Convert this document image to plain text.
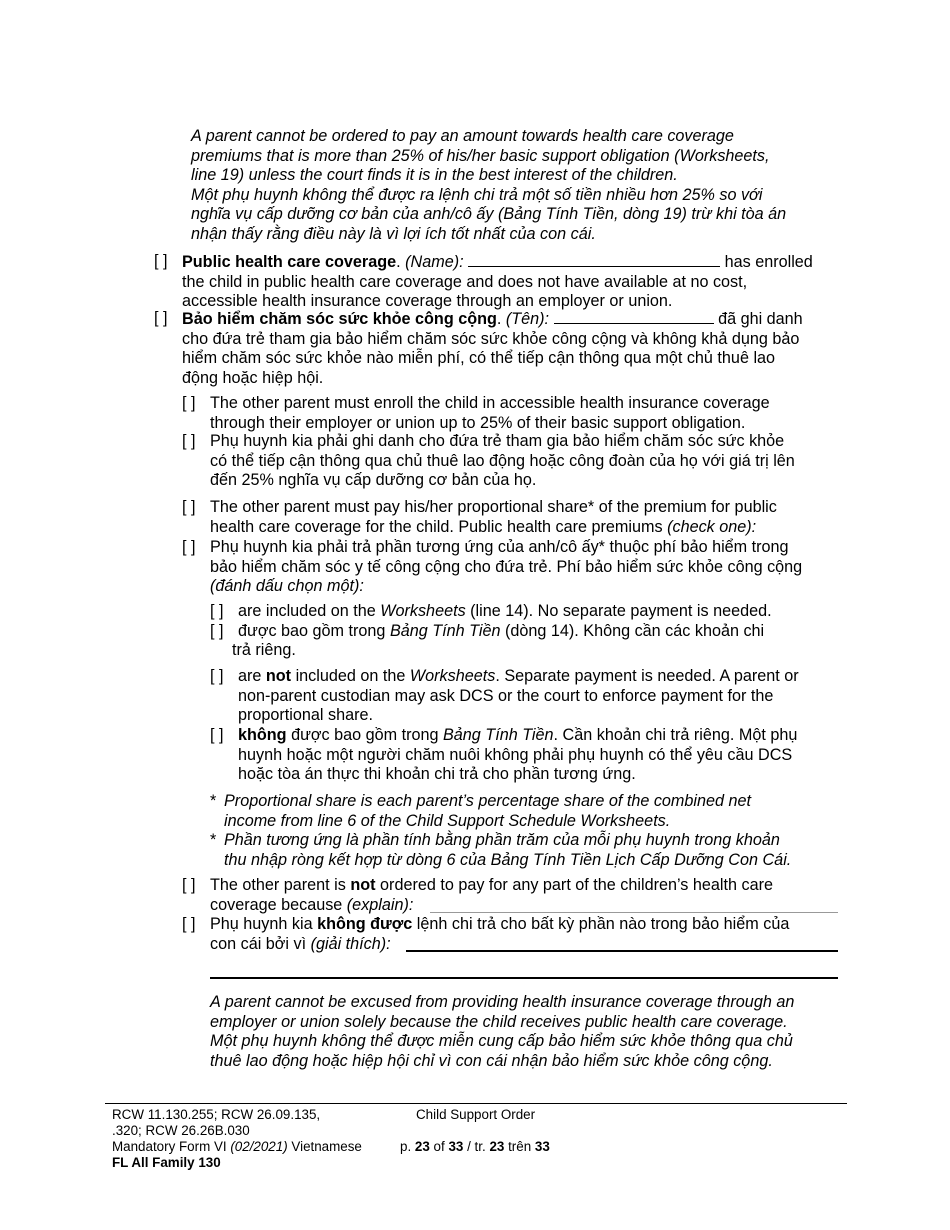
A parent cannot be ordered to pay an amount towards health care coverage
premiums that is more than 25% of his/her basic support obligation (Worksheets,
line 19) unless the court finds it is in the best interest of the children.
Một phụ huynh không thể được ra lệnh chi trả một số tiền nhiều hơn 25% so với
nghĩa vụ cấp dưỡng cơ bản của anh/cô ấy (Bảng Tính Tiền, dòng 19) trừ khi tòa án
nhận thấy rằng điều này là vì lợi ích tốt nhất của con cái.
[ ] Public health care coverage. (Name):	has enrolled
the child in public health care coverage and does not have available at no cost,
accessible health insurance coverage through an employer or union.
[ ] Bảo hiểm chăm sóc sức khỏe công cộng. (Tên):	đã ghi danh
cho đứa trẻ tham gia bảo hiểm chăm sóc sức khỏe công cộng và không khả dụng bảo
hiểm chăm sóc sức khỏe nào miễn phí, có thể tiếp cận thông qua một chủ thuê lao
động hoặc hiệp hội.
[ ] The other parent must enroll the child in accessible health insurance coverage
through their employer or union up to 25% of their basic support obligation.
[ ] Phụ huynh kia phải ghi danh cho đứa trẻ tham gia bảo hiểm chăm sóc sức khỏe
có thể tiếp cận thông qua chủ thuê lao động hoặc công đoàn của họ với giá trị lên
đến 25% nghĩa vụ cấp dưỡng cơ bản của họ.
[ ] The other parent must pay his/her proportional share* of the premium for public
health care coverage for the child. Public health care premiums (check one):
[ ] Phụ huynh kia phải trả phần tương ứng của anh/cô ấy* thuộc phí bảo hiểm trong
bảo hiểm chăm sóc y tế công cộng cho đứa trẻ. Phí bảo hiểm sức khỏe công cộng
(đánh dấu chọn một):
[ ] are included on the Worksheets (line 14). No separate payment is needed.
[ ] được bao gồm trong Bảng Tính Tiền (dòng 14). Không cần các khoản chi
trả riêng.
[ ] are not included on the Worksheets. Separate payment is needed. A parent or
non-parent custodian may ask DCS or the court to enforce payment for the
proportional share.
[ ] không được bao gồm trong Bảng Tính Tiền. Cần khoản chi trả riêng. Một phụ
huynh hoặc một người chăm nuôi không phải phụ huynh có thể yêu cầu DCS
hoặc tòa án thực thi khoản chi trả cho phần tương ứng.
* Proportional share is each parent’s percentage share of the combined net
income from line 6 of the Child Support Schedule Worksheets.
* Phần tương ứng là phần tính bằng phần trăm của mỗi phụ huynh trong khoản
thu nhập ròng kết hợp từ dòng 6 của Bảng Tính Tiền Lịch Cấp Dưỡng Con Cái.
[ ] The other parent is not ordered to pay for any part of the children’s health care
coverage because (explain):
[ ] Phụ huynh kia không được lệnh chi trả cho bất kỳ phần nào trong bảo hiểm của
con cái bởi vì (giải thích):
A parent cannot be excused from providing health insurance coverage through an
employer or union solely because the child receives public health care coverage.
Một phụ huynh không thể được miễn cung cấp bảo hiểm sức khỏe thông qua chủ
thuê lao động hoặc hiệp hội chỉ vì con cái nhận bảo hiểm sức khỏe công cộng.
RCW 11.130.255; RCW 26.09.135,
.320; RCW 26.26B.030
Mandatory Form VI (02/2021) Vietnamese
FL All Family 130
Child Support Order
p. 23 of 33 / tr. 23 trên 33
